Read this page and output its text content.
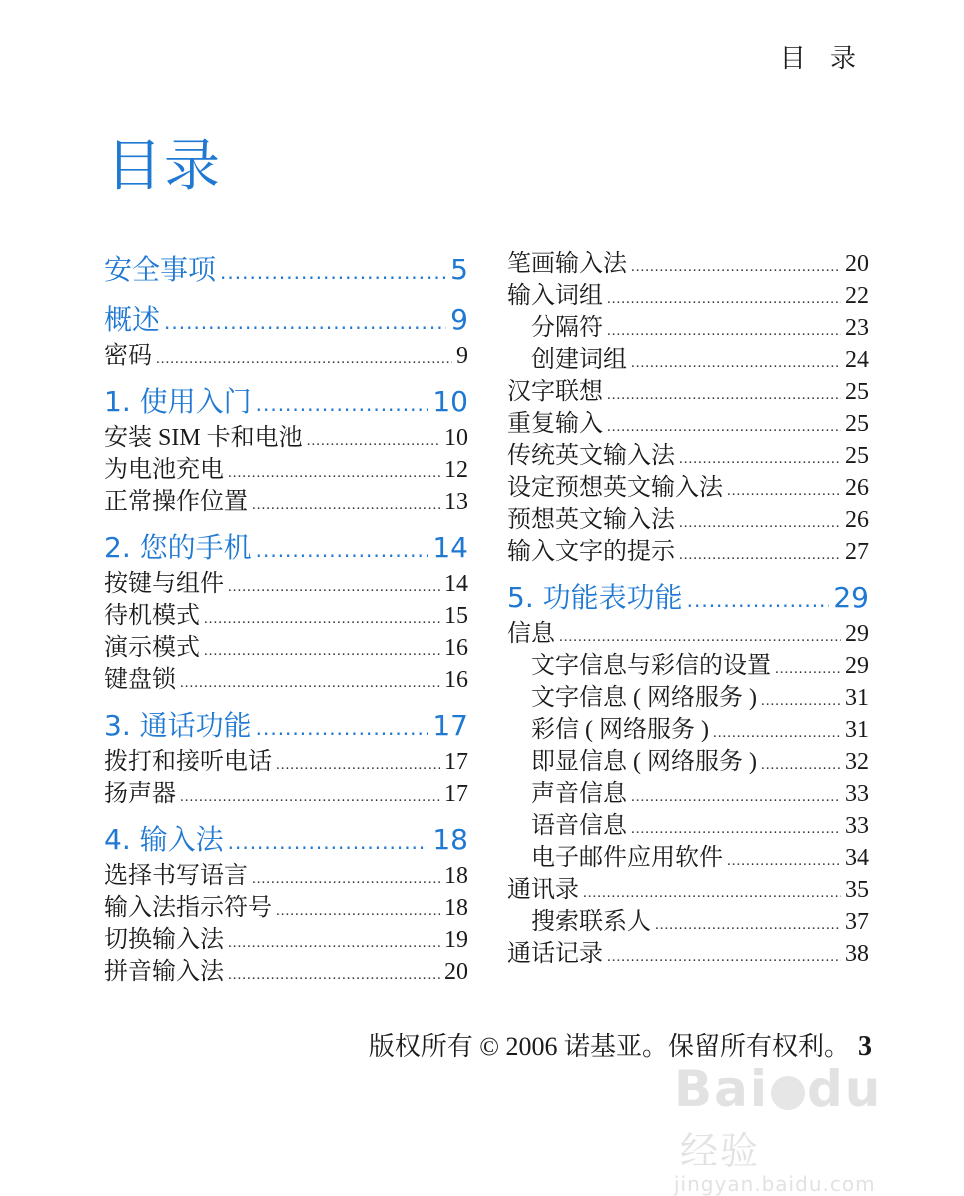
目 录
目录
安全事项 .....	5
概述 .....	9
密码 .....	9
1. 使用入门 .....	10
安装 SIM 卡和电池 .....	10
为电池充电 .....	12
正常操作位置 .....	13
2. 您的手机 .....	14
按键与组件 .....	14
待机模式 .....	15
演示模式 .....	16
键盘锁 .....	16
3. 通话功能 .....	17
拨打和接听电话 .....	17
扬声器 .....	17
4. 输入法 .....	18
选择书写语言 .....	18
输入法指示符号 .....	18
切换输入法 .....	19
拼音输入法 .....	20
笔画输入法 .....	20
输入词组 .....	22
分隔符 .....	23
创建词组 .....	24
汉字联想 .....	25
重复输入 .....	25
传统英文输入法 .....	25
设定预想英文输入法 .....	26
预想英文输入法 .....	26
输入文字的提示 .....	27
5. 功能表功能 .....	29
信息 .....	29
文字信息与彩信的设置 .....	29
文字信息 ( 网络服务 ) .....	31
彩信 ( 网络服务 ) .....	31
即显信息 ( 网络服务 ) .....	32
声音信息 .....	33
语音信息 .....	33
电子邮件应用软件 .....	34
通讯录 .....	35
搜索联系人 .....	37
通话记录 .....	38
版权所有 © 2006 诺基亚。保留所有权利。 3
Bai du经验
jingyan.baidu.com
